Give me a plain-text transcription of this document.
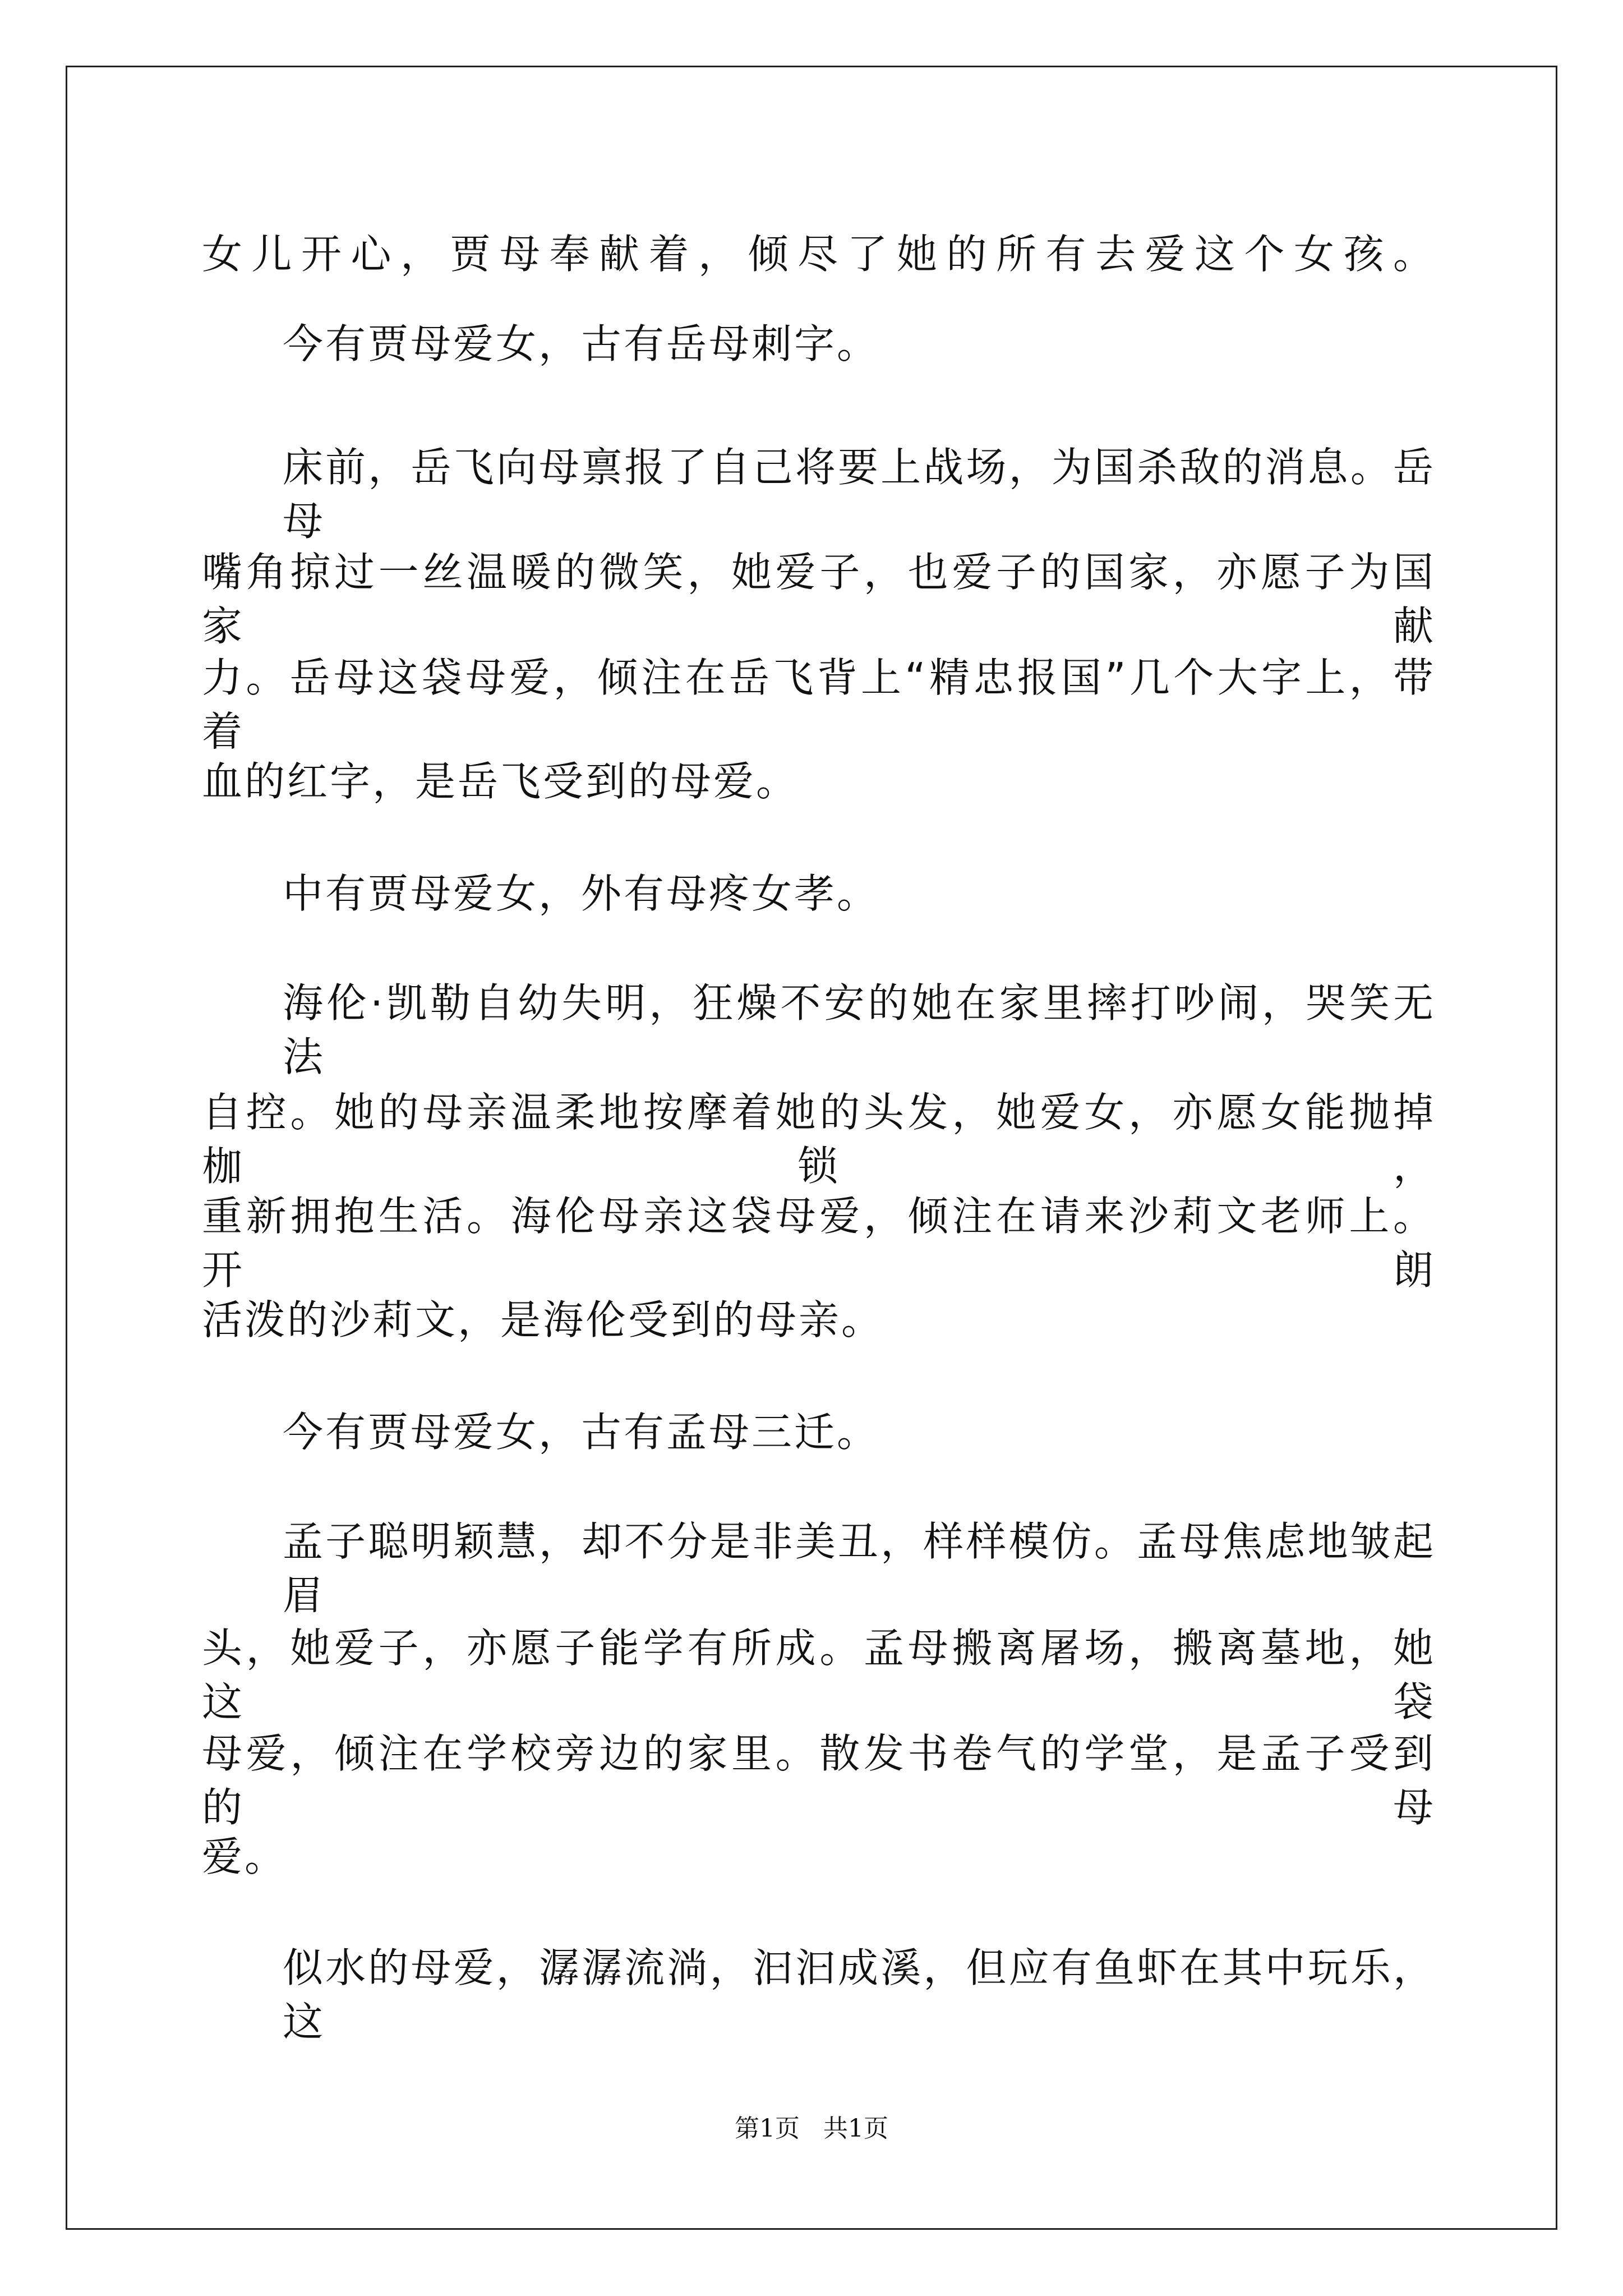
女儿开心，贾母奉献着，倾尽了她的所有去爱这个女孩。

今有贾母爱女，古有岳母刺字。

床前，岳飞向母禀报了自己将要上战场，为国杀敌的消息。岳母

嘴角掠过一丝温暖的微笑，她爱子，也爱子的国家，亦愿子为国家献

力。岳母这袋母爱，倾注在岳飞背上“精忠报国”几个大字上，带着

血的红字，是岳飞受到的母爱。

中有贾母爱女，外有母疼女孝。

海伦·凯勒自幼失明，狂燥不安的她在家里摔打吵闹，哭笑无法

自控。她的母亲温柔地按摩着她的头发，她爱女，亦愿女能抛掉枷锁，

重新拥抱生活。海伦母亲这袋母爱，倾注在请来沙莉文老师上。开朗

活泼的沙莉文，是海伦受到的母亲。

今有贾母爱女，古有孟母三迁。

孟子聪明颖慧，却不分是非美丑，样样模仿。孟母焦虑地皱起眉

头，她爱子，亦愿子能学有所成。孟母搬离屠场，搬离墓地，她这袋

母爱，倾注在学校旁边的家里。散发书卷气的学堂，是孟子受到的母

爱。

似水的母爱，潺潺流淌，汩汩成溪，但应有鱼虾在其中玩乐，这

第1页 共1页
